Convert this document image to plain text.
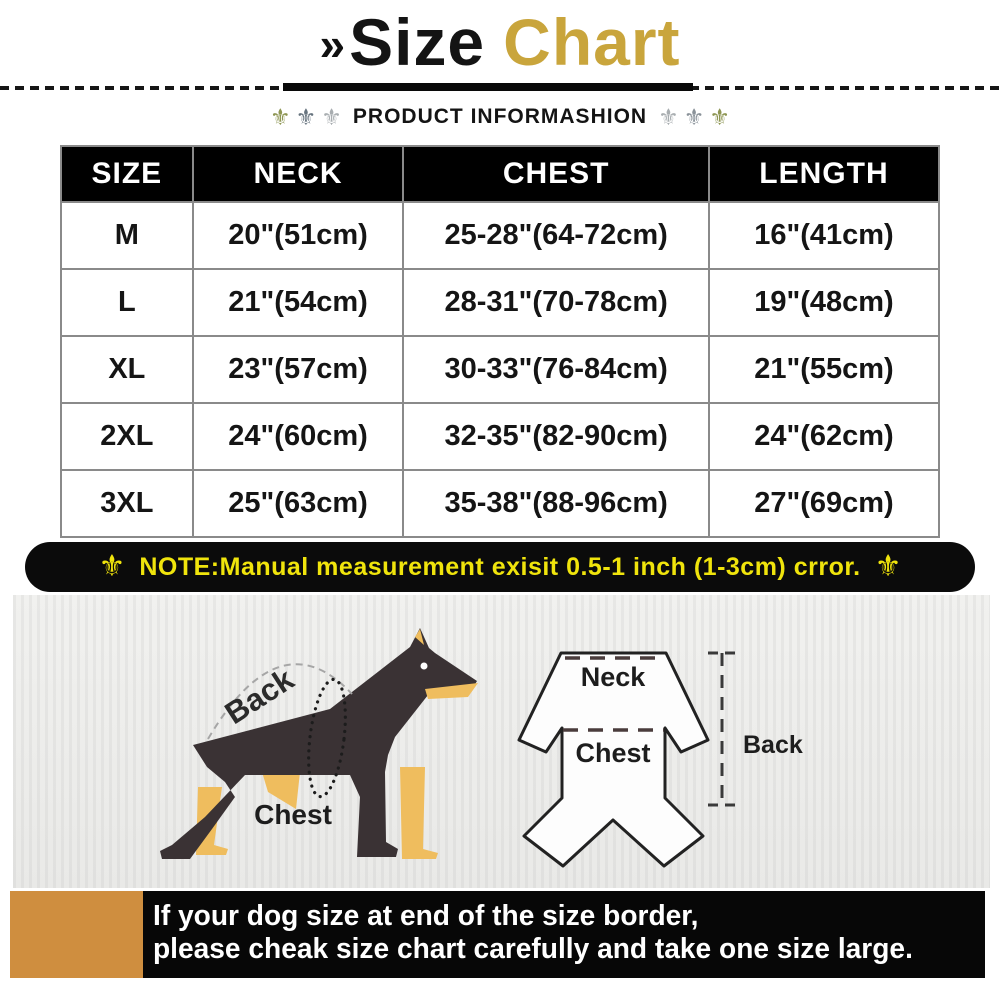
» Size Chart
⚜ ⚜ ⚜ PRODUCT INFORMASHION ⚜ ⚜ ⚜
SIZE	NECK	CHEST	LENGTH
M	20"(51cm)	25-28"(64-72cm)	16"(41cm)
L	21"(54cm)	28-31"(70-78cm)	19"(48cm)
XL	23"(57cm)	30-33"(76-84cm)	21"(55cm)
2XL	24"(60cm)	32-35"(82-90cm)	24"(62cm)
3XL	25"(63cm)	35-38"(88-96cm)	27"(69cm)
⚜ NOTE:Manual measurement exisit 0.5-1 inch (1-3cm) crror. ⚜
Back
Chest
Neck
Chest	Back
If your dog size at end of the size border,
please cheak size chart carefully and take one size large.
